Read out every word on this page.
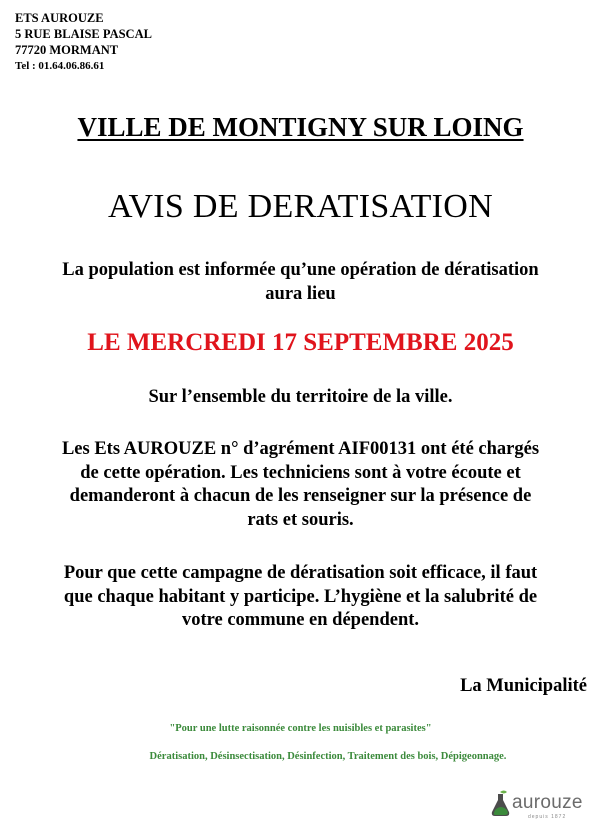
ETS AUROUZE
5 RUE BLAISE PASCAL
77720 MORMANT
Tel : 01.64.06.86.61
VILLE DE MONTIGNY SUR LOING
AVIS DE DERATISATION
La population est informée qu’une opération de dératisation
aura lieu
LE MERCREDI 17 SEPTEMBRE 2025
Sur l’ensemble du territoire de la ville.
Les Ets AUROUZE n° d’agrément AIF00131 ont été chargés
de cette opération. Les techniciens sont à votre écoute et
demanderont à chacun de les renseigner sur la présence de
rats et souris.
Pour que cette campagne de dératisation soit efficace, il faut
que chaque habitant y participe. L’hygiène et la salubrité de
votre commune en dépendent.
La Municipalité
"Pour une lutte raisonnée contre les nuisibles et parasites"
Dératisation, Désinsectisation, Désinfection, Traitement des bois, Dépigeonnage.
aurouze
depuis 1872
